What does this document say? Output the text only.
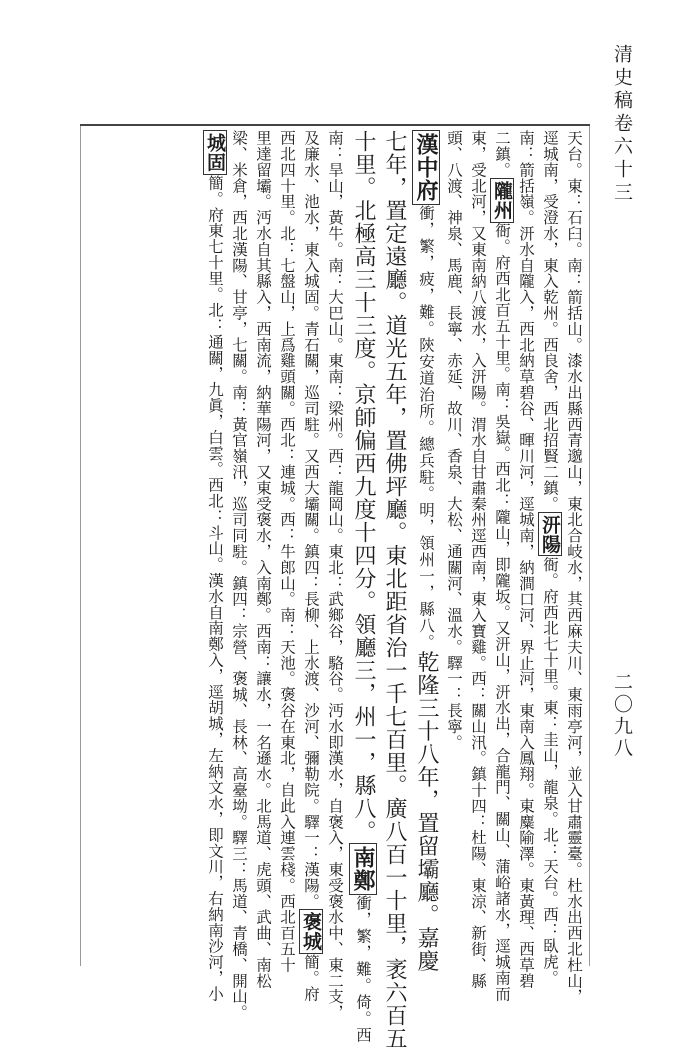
清史稿卷六十三
天台。東：石臼。南：箭括山。漆水出縣西青邈山，東北合岐水，其西麻夫川、東雨亭河，並入甘肅靈臺。杜水出西北杜山，
逕城南，受澄水，東入乾州。西良舍，西北招賢二鎮。汧陽衙。府西北七十里。東：圭山，龍泉。北：天台。西：臥虎。
南：箭括嶺。汧水自隴入，西北納草碧谷、暉川河，逕城南，納澗口河、界止河，東南入鳳翔。東麋隃澤。東黃理、西草碧
二鎮。隴州衙。府西北百五十里。南：吳嶽。西北：隴山，即隴坂。又汧山，汧水出，合龍門、關山、蒲峪諸水，逕城南而
東，受北河，又東南納八渡水，入汧陽。渭水自甘肅秦州逕西南，東入寶雞。西：關山汛。鎮十四：杜陽、東涼、新街、縣
頭、八渡、神泉、馬鹿、長寧、赤延、故川、香泉、大松、通關河、溫水。驛一：長寧。
漢中府衝，繁，疲，難。陝安道治所。總兵駐。明，領州一，縣八。乾隆三十八年，置留壩廳。嘉慶
七年，置定遠廳。道光五年，置佛坪廳。東北距省治一千七百里。廣八百一十里，袤六百五
十里。北極高三十三度。京師偏西九度十四分。領廳三，州一，縣八。南鄭衝，繁，難。倚。西
南：旱山，黃牛。南：大巴山。東南：梁州。西：龍岡山。東北：武鄉谷，駱谷。沔水即漢水，自褒入，東受褒水中、東二支，
及廉水、池水，東入城固。青石關，巡司駐。又西大壩關。鎮四：長柳、上水渡、沙河、彌勒院。驛一：漢陽。褒城簡。府
西北四十里。北：七盤山，上爲雞頭關。西北：連城。西：牛郎山。南：天池。褒谷在東北，自此入連雲棧。西北百五十
里達留壩。沔水自其縣入，西南流，納華陽河，又東受褒水，入南鄭。西南：讓水，一名遜水。北馬道、虎頭、武曲、南松
梁、米倉，西北漢陽、甘亭，七關。南：黃官嶺汛，巡司同駐。鎮四：宗營、褒城、長林、高臺坳。驛三：馬道、青橋、開山。
城固簡。府東七十里。北：通關，九眞，白雲。西北：斗山。漢水自南鄭入，逕胡城，左納文水，即文川，右納南沙河，小	二〇九八
